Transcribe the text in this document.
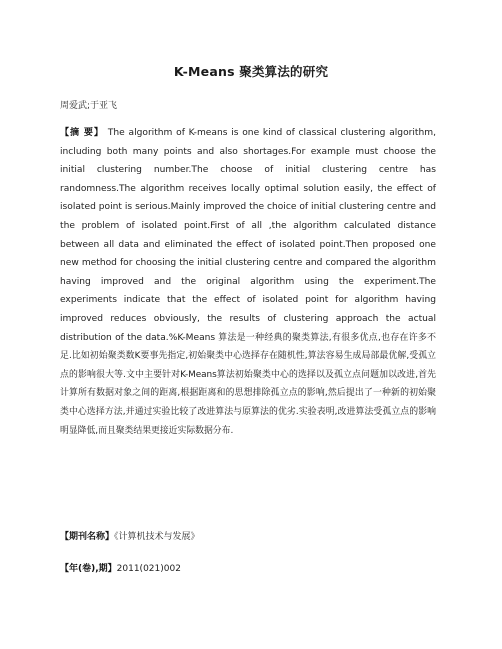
K-Means 聚类算法的研究
周爱武;于亚飞
【摘 要】 The algorithm of K-means is one kind of classical clustering algorithm, including both many points and also shortages.For example must choose the initial clustering number.The choose of initial clustering centre has randomness.The algorithm receives locally optimal solution easily, the effect of isolated point is serious.Mainly improved the choice of initial clustering centre and the problem of isolated point.First of all ,the algorithm calculated distance between all data and eliminated the effect of isolated point.Then proposed one new method for choosing the initial clustering centre and compared the algorithm having improved and the original algorithm using the experiment.The experiments indicate that the effect of isolated point for algorithm having improved reduces obviously, the results of clustering approach the actual distribution of the data.%K-Means 算法是一种经典的聚类算法,有很多优点,也存在许多不足.比如初始聚类数K要事先指定,初始聚类中心选择存在随机性,算法容易生成局部最优解,受孤立点的影响很大等.文中主要针对K-Means算法初始聚类中心的选择以及孤立点问题加以改进,首先计算所有数据对象之间的距离,根据距离和的思想排除孤立点的影响,然后提出了一种新的初始聚类中心选择方法,并通过实验比较了改进算法与原算法的优劣.实验表明,改进算法受孤立点的影响明显降低,而且聚类结果更接近实际数据分布.
【期刊名称】《计算机技术与发展》
【年(卷),期】2011(021)002
